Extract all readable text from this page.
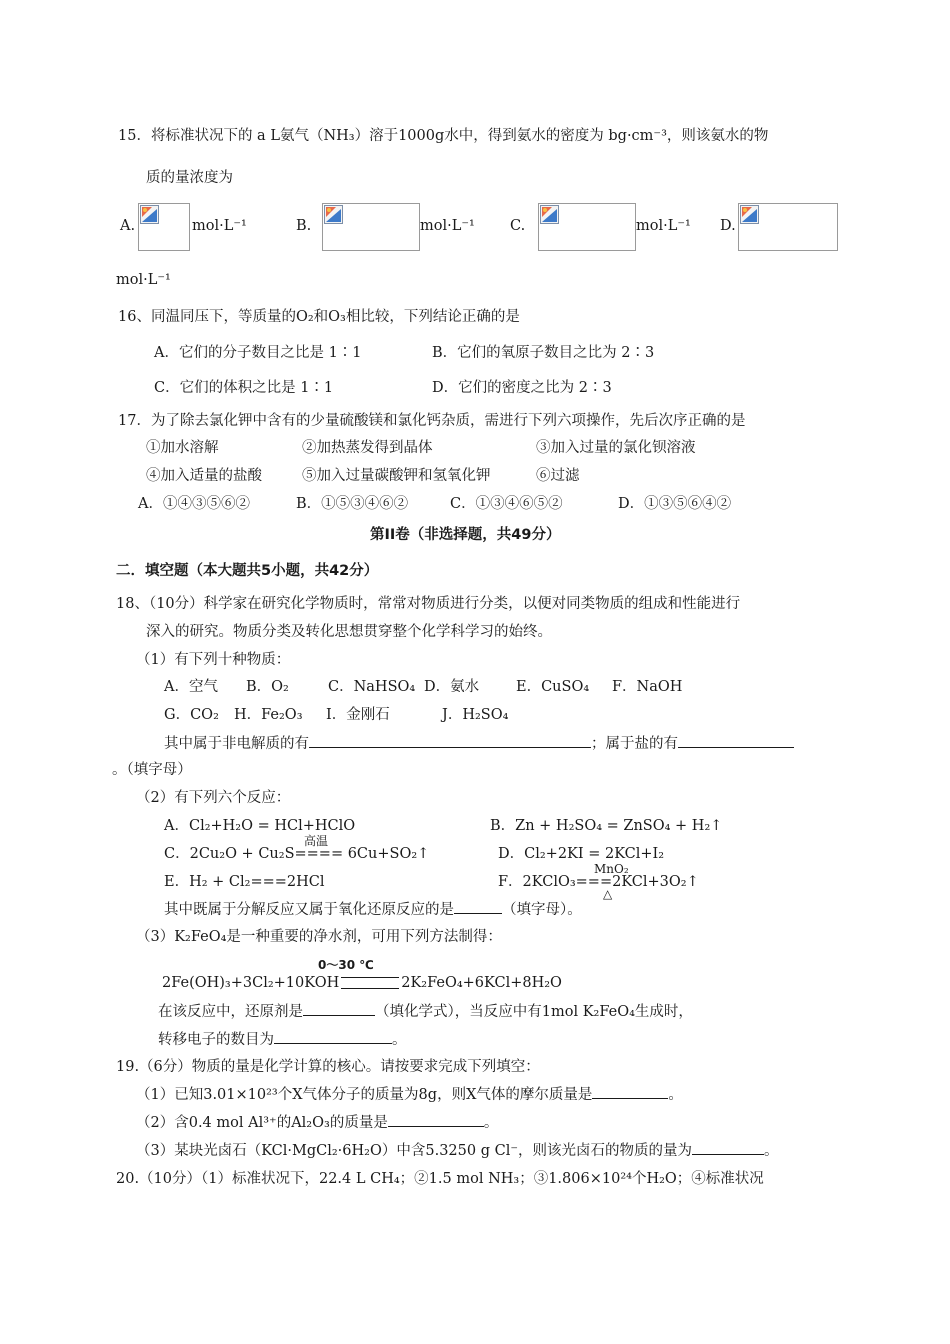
15．将标准状况下的 a L氨气（NH₃）溶于1000g水中，得到氨水的密度为 bg·cm⁻³，则该氨水的物
质的量浓度为
A.	mol·L⁻¹	B.	mol·L⁻¹ C.	mol·L⁻¹ D.
mol·L⁻¹
16、同温同压下，等质量的O₂和O₃相比较，下列结论正确的是
A．它们的分子数目之比是 1∶1	B．它们的氧原子数目之比为 2∶3
C．它们的体积之比是 1∶1	D．它们的密度之比为 2∶3
17．为了除去氯化钾中含有的少量硫酸镁和氯化钙杂质，需进行下列六项操作，先后次序正确的是
①加水溶解	②加热蒸发得到晶体	③加入过量的氯化钡溶液
④加入适量的盐酸	⑤加入过量碳酸钾和氢氧化钾	⑥过滤
A．①④③⑤⑥②	B．①⑤③④⑥②	C．①③④⑥⑤②	D．①③⑤⑥④②
第II卷（非选择题，共49分）
二．填空题（本大题共5小题，共42分）
18、（10分）科学家在研究化学物质时，常常对物质进行分类，以便对同类物质的组成和性能进行
深入的研究。物质分类及转化思想贯穿整个化学科学习的始终。
（1）有下列十种物质：
A．空气 B．O₂	C．NaHSO₄ D．氨水	E．CuSO₄ F．NaOH
G．CO₂ H．Fe₂O₃ I．金刚石	J．H₂SO₄
其中属于非电解质的有	；属于盐的有
。（填字母）
（2）有下列六个反应：
A．Cl₂+H₂O = HCl+HClO	B．Zn + H₂SO₄ = ZnSO₄ + H₂↑
高温
C．2Cu₂O + Cu₂S==== 6Cu+SO₂↑	D．Cl₂+2KI = 2KCl+I₂
E．H₂ + Cl₂===2HCl
MnO₂
F．2KClO₃===2KCl+3O₂↑
△
其中既属于分解反应又属于氧化还原反应的是	（填字母）。
（3）K₂FeO₄是一种重要的净水剂，可用下列方法制得：
2Fe(OH)₃+3Cl₂+10KOH	2K₂FeO₄+6KCl+8H₂O
0～30 ℃
在该反应中，还原剂是	（填化学式），当反应中有1mol K₂FeO₄生成时，
转移电子的数目为	。
19.（6分）物质的量是化学计算的核心。请按要求完成下列填空：
（1）已知3.01×10²³个X气体分子的质量为8g，则X气体的摩尔质量是	。
（2）含0.4 mol Al³⁺的Al₂O₃的质量是	。
（3）某块光卤石（KCl·MgCl₂·6H₂O）中含5.3250 g Cl⁻，则该光卤石的物质的量为	。
20.（10分）（1）标准状况下，22.4 L CH₄；②1.5 mol NH₃；③1.806×10²⁴个H₂O；④标准状况
